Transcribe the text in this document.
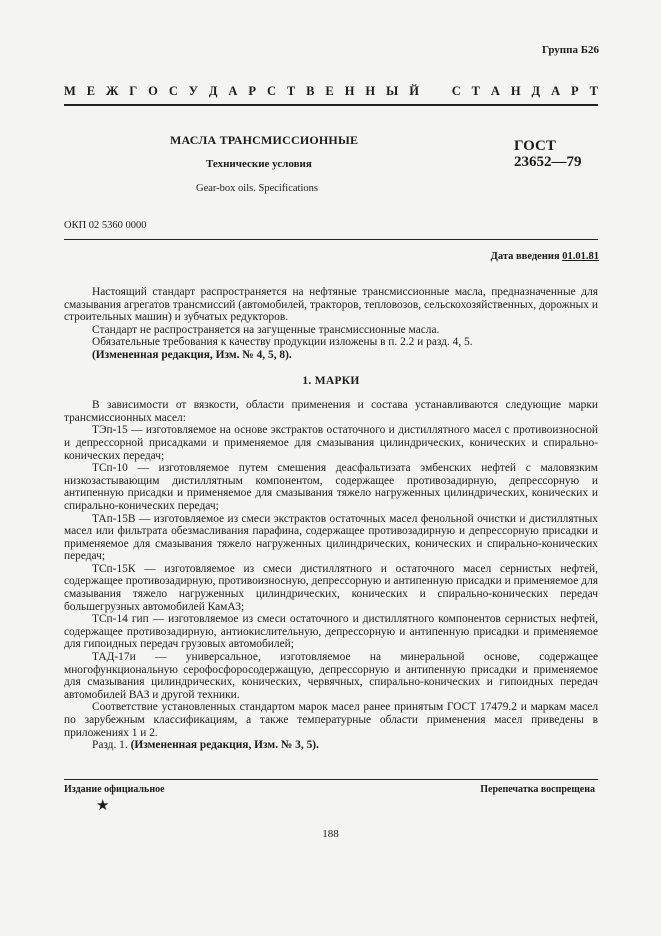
Группа Б26
М Е Ж Г О С У Д А Р С Т В Е Н Н Ы Й	С Т А Н Д А Р Т
МАСЛА ТРАНСМИССИОННЫЕ
Технические условия
Gear-box oils. Specifications
ГОСТ
23652—79
ОКП 02 5360 0000
Дата введения 01.01.81

Настоящий стандарт распространяется на нефтяные трансмиссионные масла, предназначенные для смазывания агрегатов трансмиссий (автомобилей, тракторов, тепловозов, сельскохозяйственных, дорожных и строительных машин) и зубчатых редукторов.

Стандарт не распространяется на загущенные трансмиссионные масла.

Обязательные требования к качеству продукции изложены в п. 2.2 и разд. 4, 5.

(Измененная редакция, Изм. № 4, 5, 8).

1. МАРКИ

В зависимости от вязкости, области применения и состава устанавливаются следующие марки трансмиссионных масел:

ТЭп-15 — изготовляемое на основе экстрактов остаточного и дистиллятного масел с противоизносной и депрессорной присадками и применяемое для смазывания цилиндрических, конических и спирально-конических передач;

ТСп-10 — изготовляемое путем смешения деасфальтизата эмбенских нефтей с маловязким низкозастывающим дистиллятным компонентом, содержащее противозадирную, депрессорную и антипенную присадки и применяемое для смазывания тяжело нагруженных цилиндрических, конических и спирально-конических передач;

ТАп-15В — изготовляемое из смеси экстрактов остаточных масел фенольной очистки и дистиллятных масел или фильтрата обезмасливания парафина, содержащее противозадирную и депрессорную присадки и применяемое для смазывания тяжело нагруженных цилиндрических, конических и спирально-конических передач;

ТСп-15К — изготовляемое из смеси дистиллятного и остаточного масел сернистых нефтей, содержащее противозадирную, противоизносную, депрессорную и антипенную присадки и применяемое для смазывания тяжело нагруженных цилиндрических, конических и спирально-конических передач большегрузных автомобилей КамАЗ;

ТСп-14 гип — изготовляемое из смеси остаточного и дистиллятного компонентов сернистых нефтей, содержащее противозадирную, антиокислительную, депрессорную и антипенную присадки и применяемое для гипоидных передач грузовых автомобилей;

ТАД-17и — универсальное, изготовляемое на минеральной основе, содержащее многофункциональную серофосфоросодержащую, депрессорную и антипенную присадки и применяемое для смазывания цилиндрических, конических, червячных, спирально-конических и гипоидных передач автомобилей ВАЗ и другой техники.

Соответствие установленных стандартом марок масел ранее принятым ГОСТ 17479.2 и маркам масел по зарубежным классификациям, а также температурные области применения масел приведены в приложениях 1 и 2.

Разд. 1. (Измененная редакция, Изм. № 3, 5).

Издание официальное	Перепечатка воспрещена
★
188
